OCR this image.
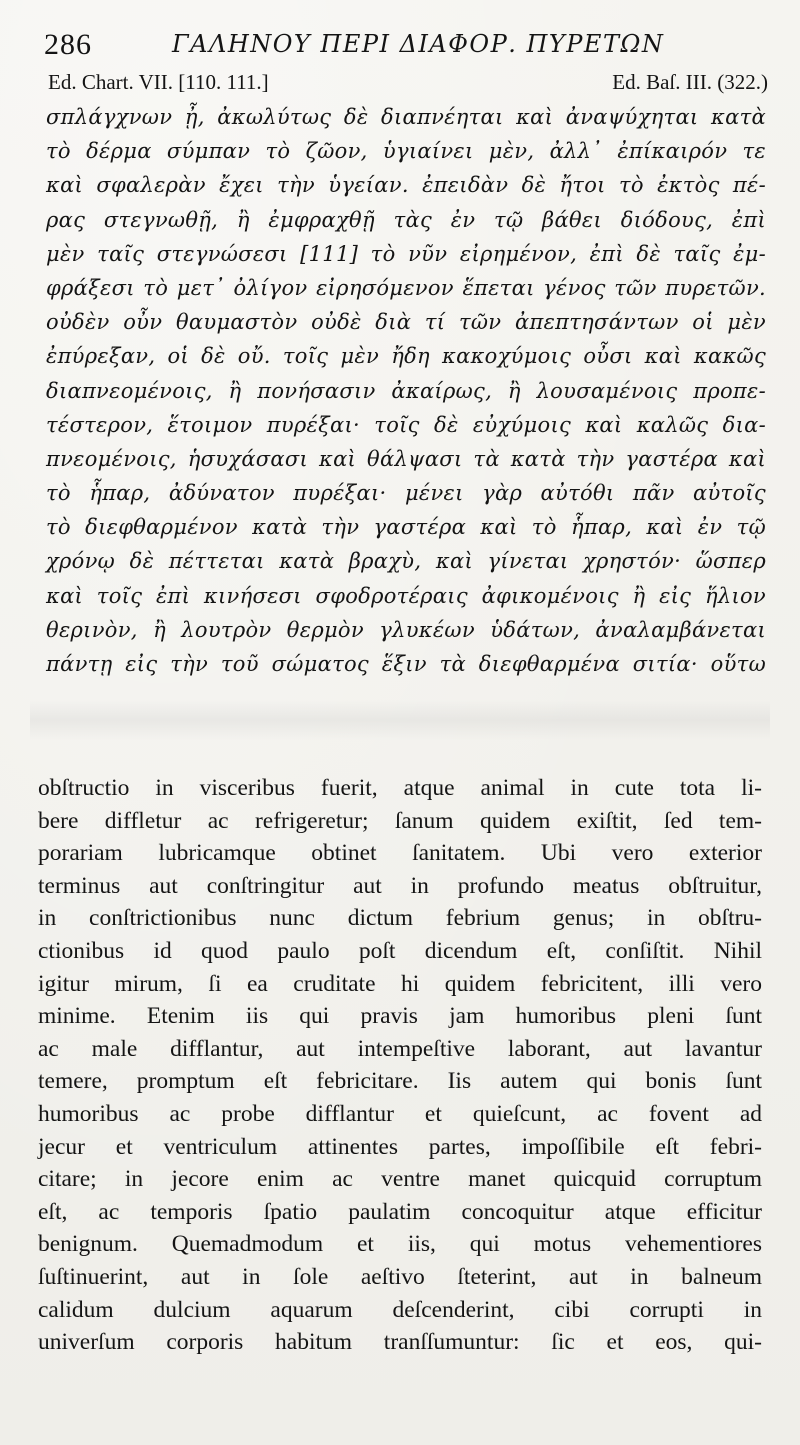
286	ΓΑΛΗΝΟΥ ΠΕΡΙ ΔΙΑΦΟΡ. ΠΥΡΕΤΩΝ
Ed. Chart. VII. [110. 111.]	Ed. Baſ. III. (322.)
σπλάγχνων ᾖ, ἀκωλύτως δὲ διαπνέηται καὶ ἀναψύχηται κατὰ
τὸ δέρμα σύμπαν τὸ ζῶον, ὑγιαίνει μὲν, ἀλλ᾽ ἐπίκαιρόν τε
καὶ σφαλερὰν ἔχει τὴν ὑγείαν. ἐπειδὰν δὲ ἤτοι τὸ ἐκτὸς πέ-
ρας στεγνωθῇ, ἢ ἐμφραχθῇ τὰς ἐν τῷ βάθει διόδους, ἐπὶ
μὲν ταῖς στεγνώσεσι [111] τὸ νῦν εἰρημένον, ἐπὶ δὲ ταῖς ἐμ-
φράξεσι τὸ μετ᾽ ὀλίγον εἰρησόμενον ἕπεται γένος τῶν πυρετῶν.
οὐδὲν οὖν θαυμαστὸν οὐδὲ διὰ τί τῶν ἀπεπτησάντων οἱ μὲν
ἐπύρεξαν, οἱ δὲ οὔ. τοῖς μὲν ἤδη κακοχύμοις οὖσι καὶ κακῶς
διαπνεομένοις, ἢ πονήσασιν ἀκαίρως, ἢ λουσαμένοις προπε-
τέστερον, ἕτοιμον πυρέξαι· τοῖς δὲ εὐχύμοις καὶ καλῶς δια-
πνεομένοις, ἡσυχάσασι καὶ θάλψασι τὰ κατὰ τὴν γαστέρα καὶ
τὸ ἧπαρ, ἀδύνατον πυρέξαι· μένει γὰρ αὐτόθι πᾶν αὐτοῖς
τὸ διεφθαρμένον κατὰ τὴν γαστέρα καὶ τὸ ἧπαρ, καὶ ἐν τῷ
χρόνῳ δὲ πέττεται κατὰ βραχὺ, καὶ γίνεται χρηστόν· ὥσπερ
καὶ τοῖς ἐπὶ κινήσεσι σφοδροτέραις ἀφικομένοις ἢ εἰς ἥλιον
θερινὸν, ἢ λουτρὸν θερμὸν γλυκέων ὑδάτων, ἀναλαμβάνεται
πάντῃ εἰς τὴν τοῦ σώματος ἕξιν τὰ διεφθαρμένα σιτία· οὕτω
obſtructio in visceribus fuerit, atque animal in cute tota li-
bere diffletur ac refrigeretur; ſanum quidem exiſtit, ſed tem-
porariam lubricamque obtinet ſanitatem. Ubi vero exterior
terminus aut conſtringitur aut in profundo meatus obſtruitur,
in conſtrictionibus nunc dictum febrium genus; in obſtru-
ctionibus id quod paulo poſt dicendum eſt, conſiſtit. Nihil
igitur mirum, ſi ea cruditate hi quidem febricitent, illi vero
minime. Etenim iis qui pravis jam humoribus pleni ſunt
ac male difflantur, aut intempeſtive laborant, aut lavantur
temere, promptum eſt febricitare. Iis autem qui bonis ſunt
humoribus ac probe difflantur et quieſcunt, ac fovent ad
jecur et ventriculum attinentes partes, impoſſibile eſt febri-
citare; in jecore enim ac ventre manet quicquid corruptum
eſt, ac temporis ſpatio paulatim concoquitur atque efficitur
benignum. Quemadmodum et iis, qui motus vehementiores
ſuſtinuerint, aut in ſole aeſtivo ſteterint, aut in balneum
calidum dulcium aquarum deſcenderint, cibi corrupti in
univerſum corporis habitum tranſſumuntur: ſic et eos, qui-
